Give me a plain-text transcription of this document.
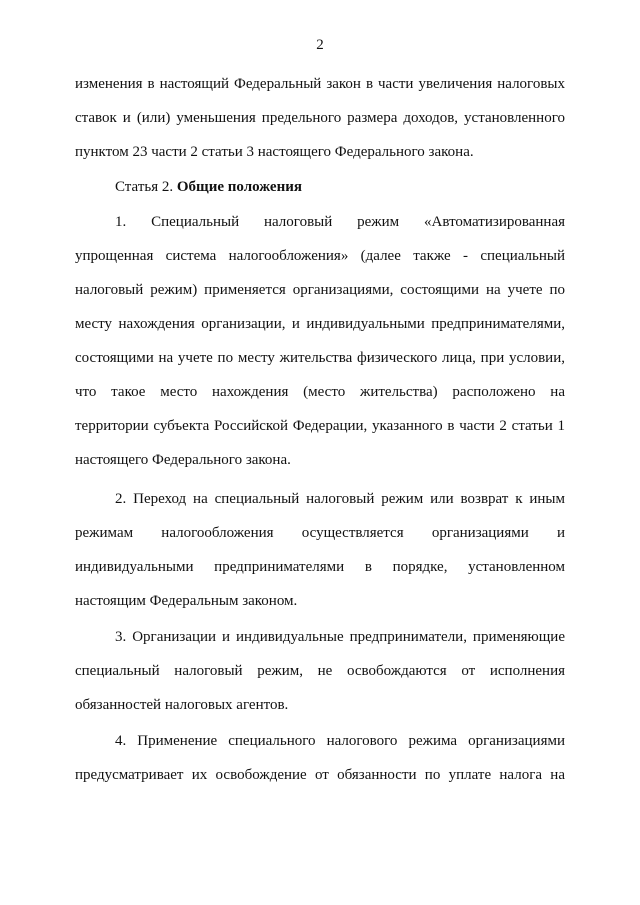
2
изменения в настоящий Федеральный закон в части увеличения налоговых
ставок и (или) уменьшения предельного размера доходов, установленного
пунктом 23 части 2 статьи 3 настоящего Федерального закона.
Статья 2. Общие положения
1. Специальный налоговый режим «Автоматизированная
упрощенная система налогообложения» (далее также - специальный
налоговый режим) применяется организациями, состоящими на учете по
месту нахождения организации, и индивидуальными предпринимателями,
состоящими на учете по месту жительства физического лица, при условии,
что такое место нахождения (место жительства) расположено на
территории субъекта Российской Федерации, указанного в части 2 статьи 1
настоящего Федерального закона.
2. Переход на специальный налоговый режим или возврат к иным
режимам налогообложения осуществляется организациями и
индивидуальными предпринимателями в порядке, установленном
настоящим Федеральным законом.
3. Организации и индивидуальные предприниматели, применяющие
специальный налоговый режим, не освобождаются от исполнения
обязанностей налоговых агентов.
4. Применение специального налогового режима организациями
предусматривает их освобождение от обязанности по уплате налога на
